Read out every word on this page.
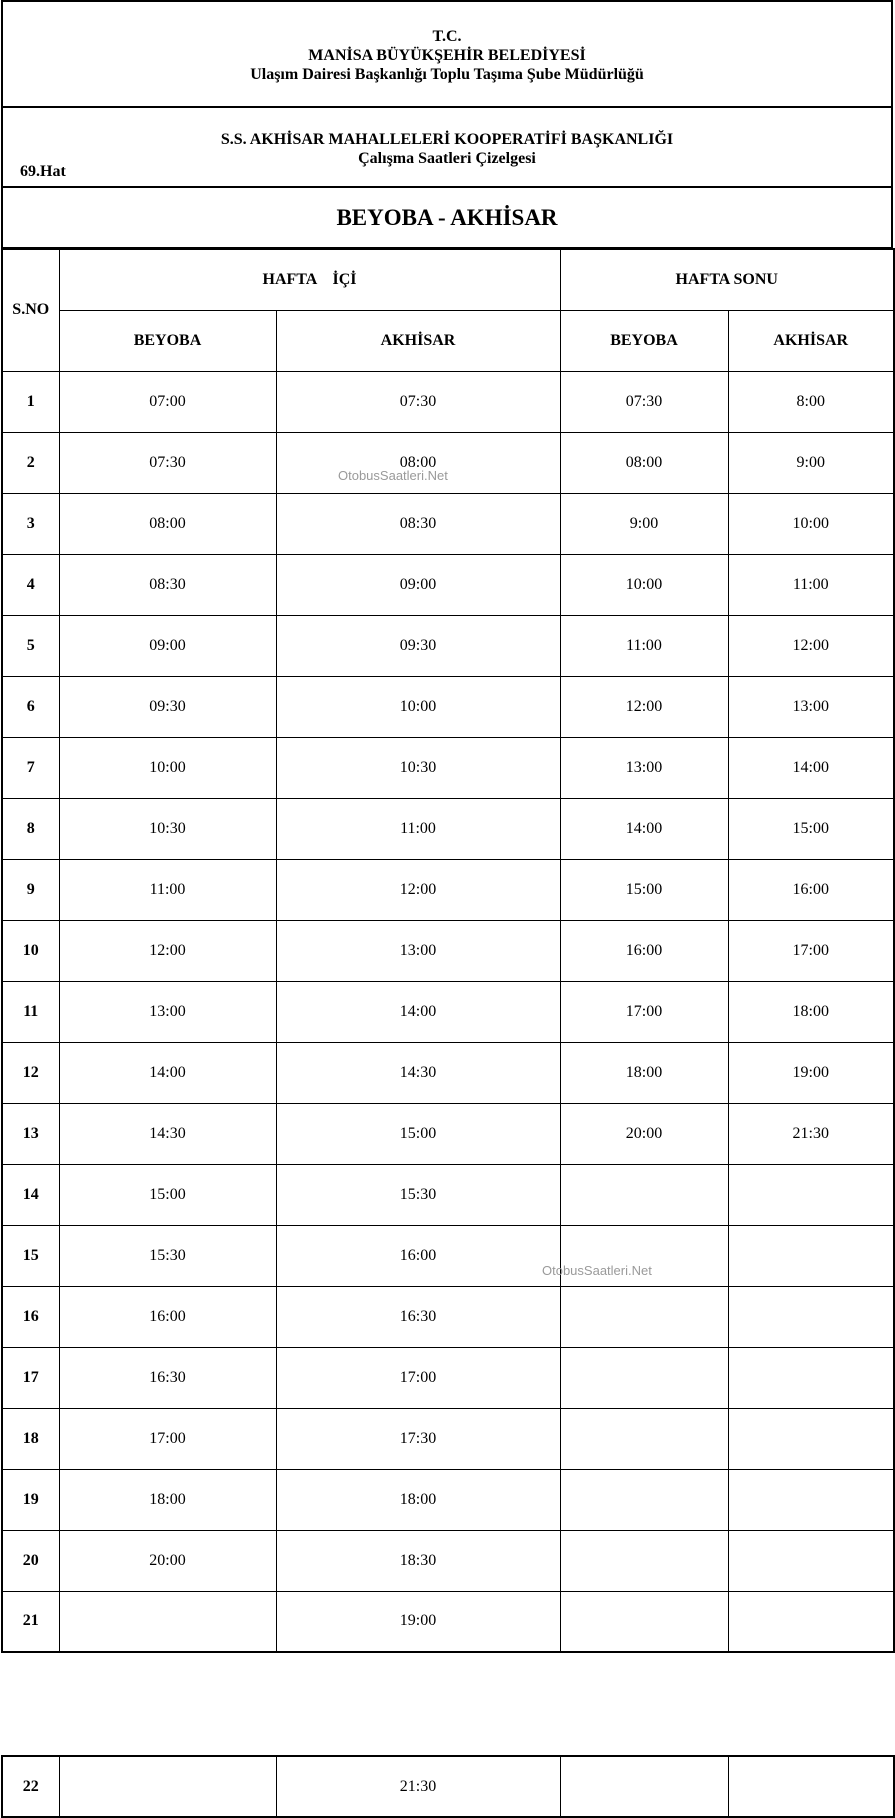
T.C.
MANİSA BÜYÜKŞEHİR BELEDİYESİ
Ulaşım Dairesi Başkanlığı Toplu Taşıma Şube Müdürlüğü
S.S. AKHİSAR MAHALLELERİ KOOPERATİFİ BAŞKANLIĞI
Çalışma Saatleri Çizelgesi
69.Hat
BEYOBA - AKHİSAR
S.NO	HAFTA    İÇİ		HAFTA SONU	
	BEYOBA	AKHİSAR	BEYOBA	AKHİSAR
1	07:00	07:30	07:30	8:00
2	07:30	08:00	08:00	9:00
3	08:00	08:30	9:00	10:00
4	08:30	09:00	10:00	11:00
5	09:00	09:30	11:00	12:00
6	09:30	10:00	12:00	13:00
7	10:00	10:30	13:00	14:00
8	10:30	11:00	14:00	15:00
9	11:00	12:00	15:00	16:00
10	12:00	13:00	16:00	17:00
11	13:00	14:00	17:00	18:00
12	14:00	14:30	18:00	19:00
13	14:30	15:00	20:00	21:30
14	15:00	15:30		
15	15:30	16:00		
16	16:00	16:30		
17	16:30	17:00		
18	17:00	17:30		
19	18:00	18:00		
20	20:00	18:30		
21		19:00		
22		21:30		
OtobusSaatleri.Net
OtobusSaatleri.Net
